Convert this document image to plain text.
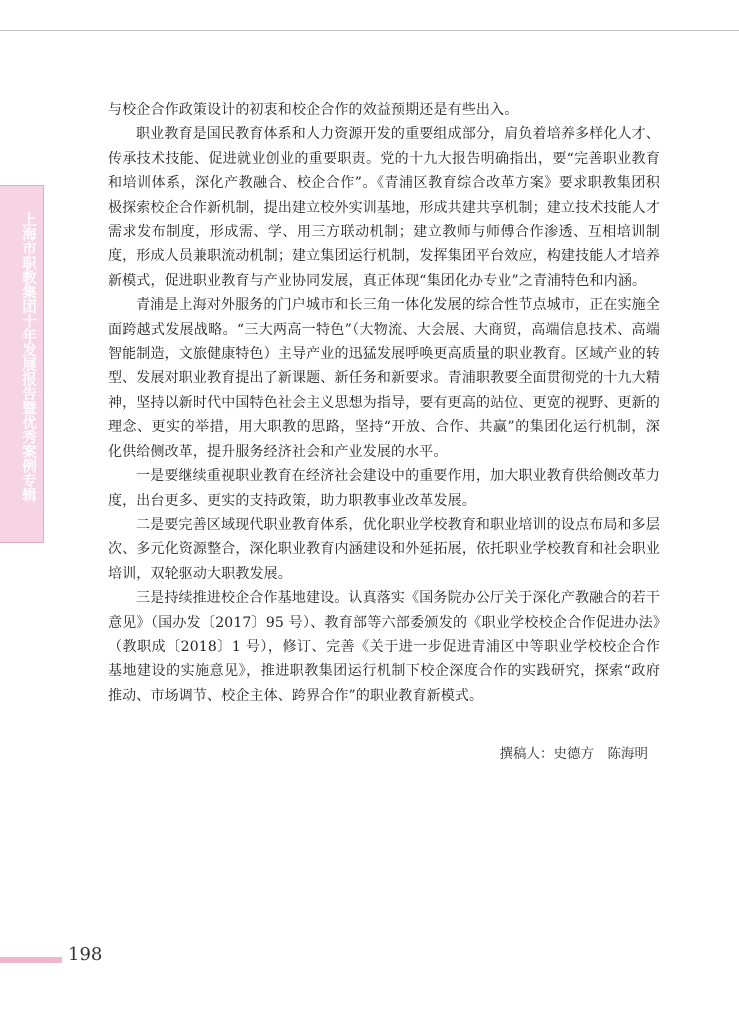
上海市职教集团十年发展报告暨优秀案例专辑

与校企合作政策设计的初衷和校企合作的效益预期还是有些出入。

职业教育是国民教育体系和人力资源开发的重要组成部分，肩负着培养多样化人才、传承技术技能、促进就业创业的重要职责。党的十九大报告明确指出，要“完善职业教育和培训体系，深化产教融合、校企合作”。《青浦区教育综合改革方案》要求职教集团积极探索校企合作新机制，提出建立校外实训基地，形成共建共享机制；建立技术技能人才需求发布制度，形成需、学、用三方联动机制；建立教师与师傅合作渗透、互相培训制度，形成人员兼职流动机制；建立集团运行机制，发挥集团平台效应，构建技能人才培养新模式，促进职业教育与产业协同发展，真正体现“集团化办专业”之青浦特色和内涵。

青浦是上海对外服务的门户城市和长三角一体化发展的综合性节点城市，正在实施全面跨越式发展战略。“三大两高一特色”（大物流、大会展、大商贸，高端信息技术、高端智能制造，文旅健康特色）主导产业的迅猛发展呼唤更高质量的职业教育。区域产业的转型、发展对职业教育提出了新课题、新任务和新要求。青浦职教要全面贯彻党的十九大精神，坚持以新时代中国特色社会主义思想为指导，要有更高的站位、更宽的视野、更新的理念、更实的举措，用大职教的思路，坚持“开放、合作、共赢”的集团化运行机制，深化供给侧改革，提升服务经济社会和产业发展的水平。

一是要继续重视职业教育在经济社会建设中的重要作用，加大职业教育供给侧改革力度，出台更多、更实的支持政策，助力职教事业改革发展。

二是要完善区域现代职业教育体系，优化职业学校教育和职业培训的设点布局和多层次、多元化资源整合，深化职业教育内涵建设和外延拓展，依托职业学校教育和社会职业培训，双轮驱动大职教发展。

三是持续推进校企合作基地建设。认真落实《国务院办公厅关于深化产教融合的若干意见》（国办发〔2017〕95 号）、教育部等六部委颁发的《职业学校校企合作促进办法》（教职成〔2018〕1 号），修订、完善《关于进一步促进青浦区中等职业学校校企合作基地建设的实施意见》，推进职教集团运行机制下校企深度合作的实践研究，探索“政府推动、市场调节、校企主体、跨界合作”的职业教育新模式。

撰稿人：史德方　陈海明
198
